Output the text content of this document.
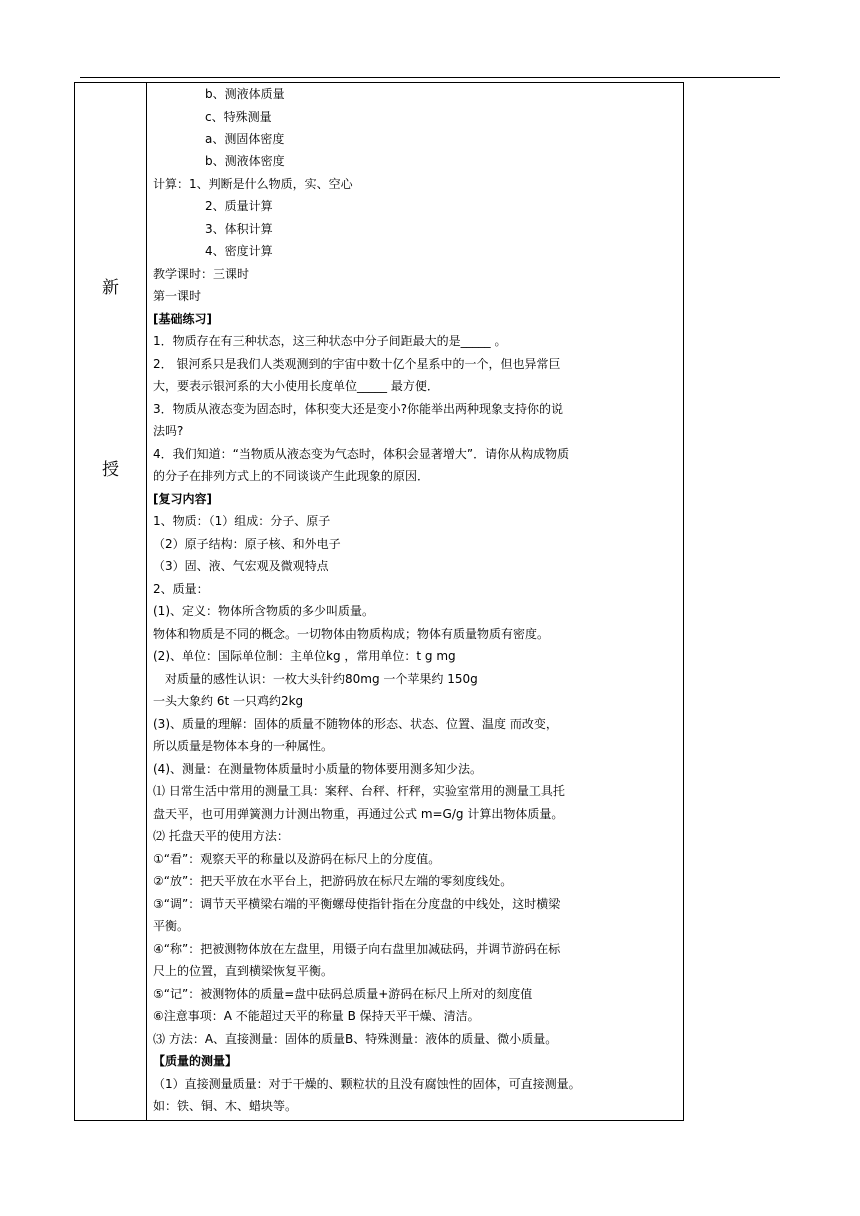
新
授
b、测液体质量
c、特殊测量
a、测固体密度
b、测液体密度
计算：1、判断是什么物质，实、空心
2、质量计算
3、体积计算
4、密度计算
教学课时：三课时
第一课时
[基础练习]
1．物质存在有三种状态，这三种状态中分子间距最大的是_____ 。
2． 银河系只是我们人类观测到的宇宙中数十亿个星系中的一个，但也异常巨
大，要表示银河系的大小使用长度单位_____ 最方便．
3．物质从液态变为固态时，体积变大还是变小?你能举出两种现象支持你的说
法吗?
4．我们知道：“当物质从液态变为气态时，体积会显著增大”．请你从构成物质
的分子在排列方式上的不同谈谈产生此现象的原因．
[复习内容]
1、物质：（1）组成：分子、原子
（2）原子结构：原子核、和外电子
（3）固、液、气宏观及微观特点
2、质量：
(1)、定义：物体所含物质的多少叫质量。
物体和物质是不同的概念。一切物体由物质构成；物体有质量物质有密度。
(2)、单位：国际单位制：主单位kg ，常用单位：t g mg
对质量的感性认识：一枚大头针约80mg 一个苹果约 150g
一头大象约 6t 一只鸡约2kg
(3)、质量的理解：固体的质量不随物体的形态、状态、位置、温度 而改变，
所以质量是物体本身的一种属性。
(4)、测量：在测量物体质量时小质量的物体要用测多知少法。
⑴ 日常生活中常用的测量工具：案秤、台秤、杆秤，实验室常用的测量工具托
盘天平，也可用弹簧测力计测出物重，再通过公式 m=G/g 计算出物体质量。
⑵ 托盘天平的使用方法：
①“看”：观察天平的称量以及游码在标尺上的分度值。
②“放”：把天平放在水平台上，把游码放在标尺左端的零刻度线处。
③“调”：调节天平横梁右端的平衡螺母使指针指在分度盘的中线处，这时横梁
平衡。
④“称”：把被测物体放在左盘里，用镊子向右盘里加减砝码，并调节游码在标
尺上的位置，直到横梁恢复平衡。
⑤“记”：被测物体的质量=盘中砝码总质量+游码在标尺上所对的刻度值
⑥注意事项：A 不能超过天平的称量 B 保持天平干燥、清洁。
⑶ 方法：A、直接测量：固体的质量B、特殊测量：液体的质量、微小质量。
【质量的测量】
（1）直接测量质量：对于干燥的、颗粒状的且没有腐蚀性的固体，可直接测量。
如：铁、铜、木、蜡块等。
